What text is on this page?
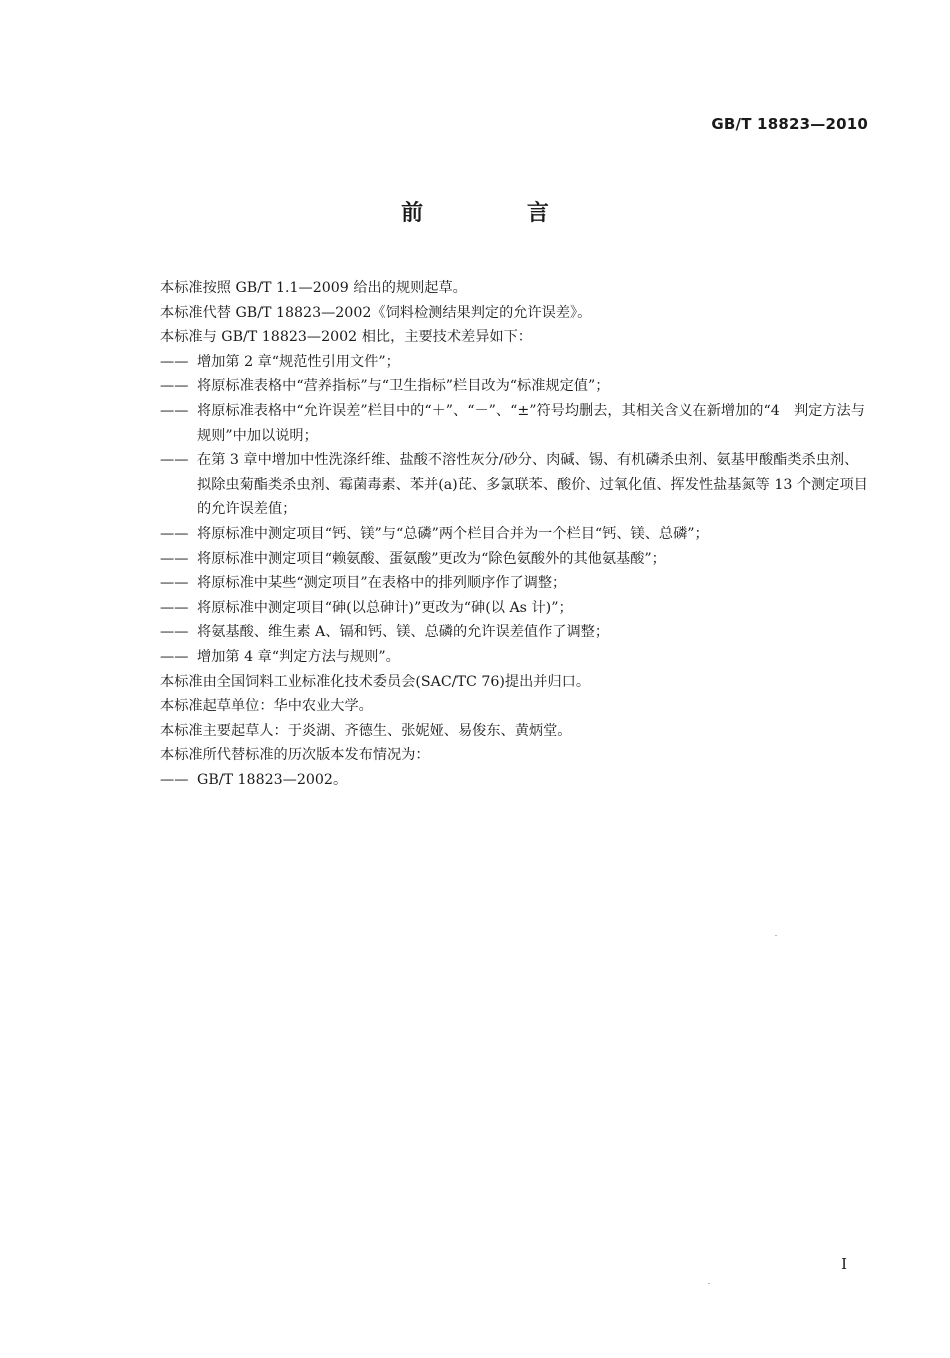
GB/T 18823—2010
前 言

本标准按照 GB/T 1.1—2009 给出的规则起草。

本标准代替 GB/T 18823—2002《饲料检测结果判定的允许误差》。

本标准与 GB/T 18823—2002 相比，主要技术差异如下：

—— 增加第 2 章“规范性引用文件”；

—— 将原标准表格中“营养指标”与“卫生指标”栏目改为“标准规定值”；

—— 将原标准表格中“允许误差”栏目中的“＋”、“－”、“±”符号均删去，其相关含义在新增加的“4　判定方法与规则”中加以说明；

—— 在第 3 章中增加中性洗涤纤维、盐酸不溶性灰分/砂分、肉碱、锡、有机磷杀虫剂、氨基甲酸酯类杀虫剂、拟除虫菊酯类杀虫剂、霉菌毒素、苯并(a)芘、多氯联苯、酸价、过氧化值、挥发性盐基氮等 13 个测定项目的允许误差值；

—— 将原标准中测定项目“钙、镁”与“总磷”两个栏目合并为一个栏目“钙、镁、总磷”；

—— 将原标准中测定项目“赖氨酸、蛋氨酸”更改为“除色氨酸外的其他氨基酸”；

—— 将原标准中某些“测定项目”在表格中的排列顺序作了调整；

—— 将原标准中测定项目“砷(以总砷计)”更改为“砷(以 As 计)”；

—— 将氨基酸、维生素 A、镉和钙、镁、总磷的允许误差值作了调整；

—— 增加第 4 章“判定方法与规则”。

本标准由全国饲料工业标准化技术委员会(SAC/TC 76)提出并归口。

本标准起草单位：华中农业大学。

本标准主要起草人：于炎湖、齐德生、张妮娅、易俊东、黄炳堂。

本标准所代替标准的历次版本发布情况为：

—— GB/T 18823—2002。

I
